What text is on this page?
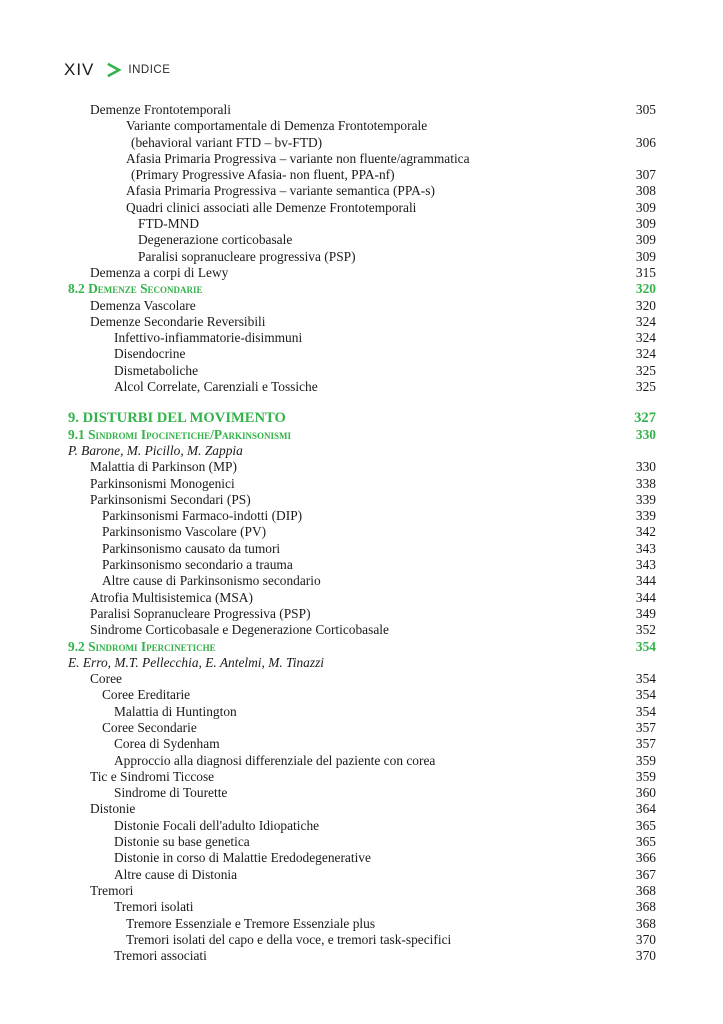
XIV	INDICE
Demenze Frontotemporali	305
Variante comportamentale di Demenza Frontotemporale
(behavioral variant FTD – bv-FTD)	306
Afasia Primaria Progressiva – variante non fluente/agrammatica
(Primary Progressive Afasia- non fluent, PPA-nf)	307
Afasia Primaria Progressiva – variante semantica (PPA-s)	308
Quadri clinici associati alle Demenze Frontotemporali	309
FTD-MND	309
Degenerazione corticobasale	309
Paralisi sopranucleare progressiva (PSP)	309
Demenza a corpi di Lewy	315
8.2 Demenze Secondarie	320
Demenza Vascolare	320
Demenze Secondarie Reversibili	324
Infettivo-infiammatorie-disimmuni	324
Disendocrine	324
Dismetaboliche	325
Alcol Correlate, Carenziali e Tossiche	325
9. DISTURBI DEL MOVIMENTO	327
9.1 Sindromi Ipocinetiche/Parkinsonismi	330
P. Barone, M. Picillo, M. Zappia
Malattia di Parkinson (MP)	330
Parkinsonismi Monogenici	338
Parkinsonismi Secondari (PS)	339
Parkinsonismi Farmaco-indotti (DIP)	339
Parkinsonismo Vascolare (PV)	342
Parkinsonismo causato da tumori	343
Parkinsonismo secondario a trauma	343
Altre cause di Parkinsonismo secondario	344
Atrofia Multisistemica (MSA)	344
Paralisi Sopranucleare Progressiva (PSP)	349
Sindrome Corticobasale e Degenerazione Corticobasale	352
9.2 Sindromi Ipercinetiche	354
E. Erro, M.T. Pellecchia, E. Antelmi, M. Tinazzi
Coree	354
Coree Ereditarie	354
Malattia di Huntington	354
Coree Secondarie	357
Corea di Sydenham	357
Approccio alla diagnosi differenziale del paziente con corea	359
Tic e Sindromi Ticcose	359
Sindrome di Tourette	360
Distonie	364
Distonie Focali dell'adulto Idiopatiche	365
Distonie su base genetica	365
Distonie in corso di Malattie Eredodegenerative	366
Altre cause di Distonia	367
Tremori	368
Tremori isolati	368
Tremore Essenziale e Tremore Essenziale plus	368
Tremori isolati del capo e della voce, e tremori task-specifici	370
Tremori associati	370
